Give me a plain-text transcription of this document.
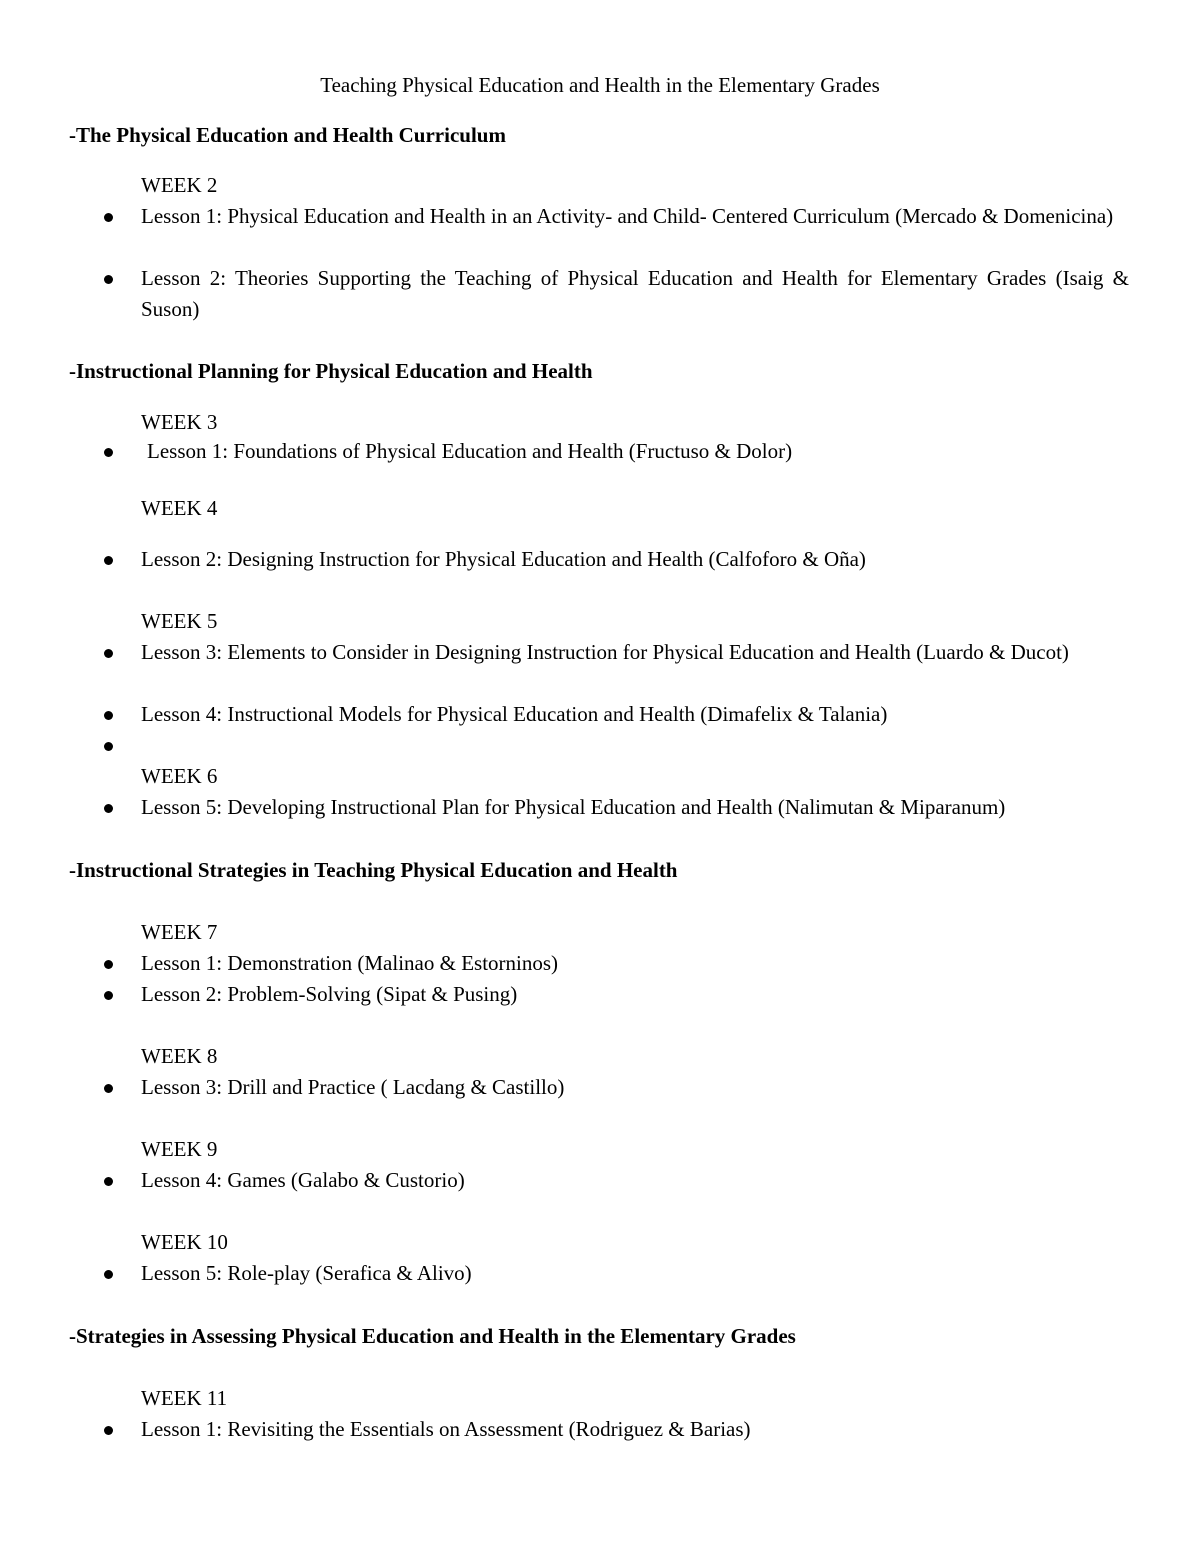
Teaching Physical Education and Health in the Elementary Grades
-The Physical Education and Health Curriculum
WEEK 2
Lesson 1: Physical Education and Health in an Activity- and Child- Centered Curriculum (Mercado & Domenicina)
Lesson 2: Theories Supporting the Teaching of Physical Education and Health for Elementary Grades (Isaig & Suson)
-Instructional Planning for Physical Education and Health
WEEK 3
Lesson 1: Foundations of Physical Education and Health (Fructuso & Dolor)
WEEK 4
Lesson 2: Designing Instruction for Physical Education and Health (Calfoforo & Oña)
WEEK 5
Lesson 3: Elements to Consider in Designing Instruction for Physical Education and Health (Luardo & Ducot)
Lesson 4: Instructional Models for Physical Education and Health (Dimafelix & Talania)
WEEK 6
Lesson 5: Developing Instructional Plan for Physical Education and Health (Nalimutan & Miparanum)
-Instructional Strategies in Teaching Physical Education and Health
WEEK 7
Lesson 1: Demonstration (Malinao & Estorninos)
Lesson 2: Problem-Solving (Sipat & Pusing)
WEEK 8
Lesson 3: Drill and Practice ( Lacdang & Castillo)
WEEK 9
Lesson 4: Games (Galabo & Custorio)
WEEK 10
Lesson 5: Role-play (Serafica & Alivo)
-Strategies in Assessing Physical Education and Health in the Elementary Grades
WEEK 11
Lesson 1: Revisiting the Essentials on Assessment (Rodriguez & Barias)
